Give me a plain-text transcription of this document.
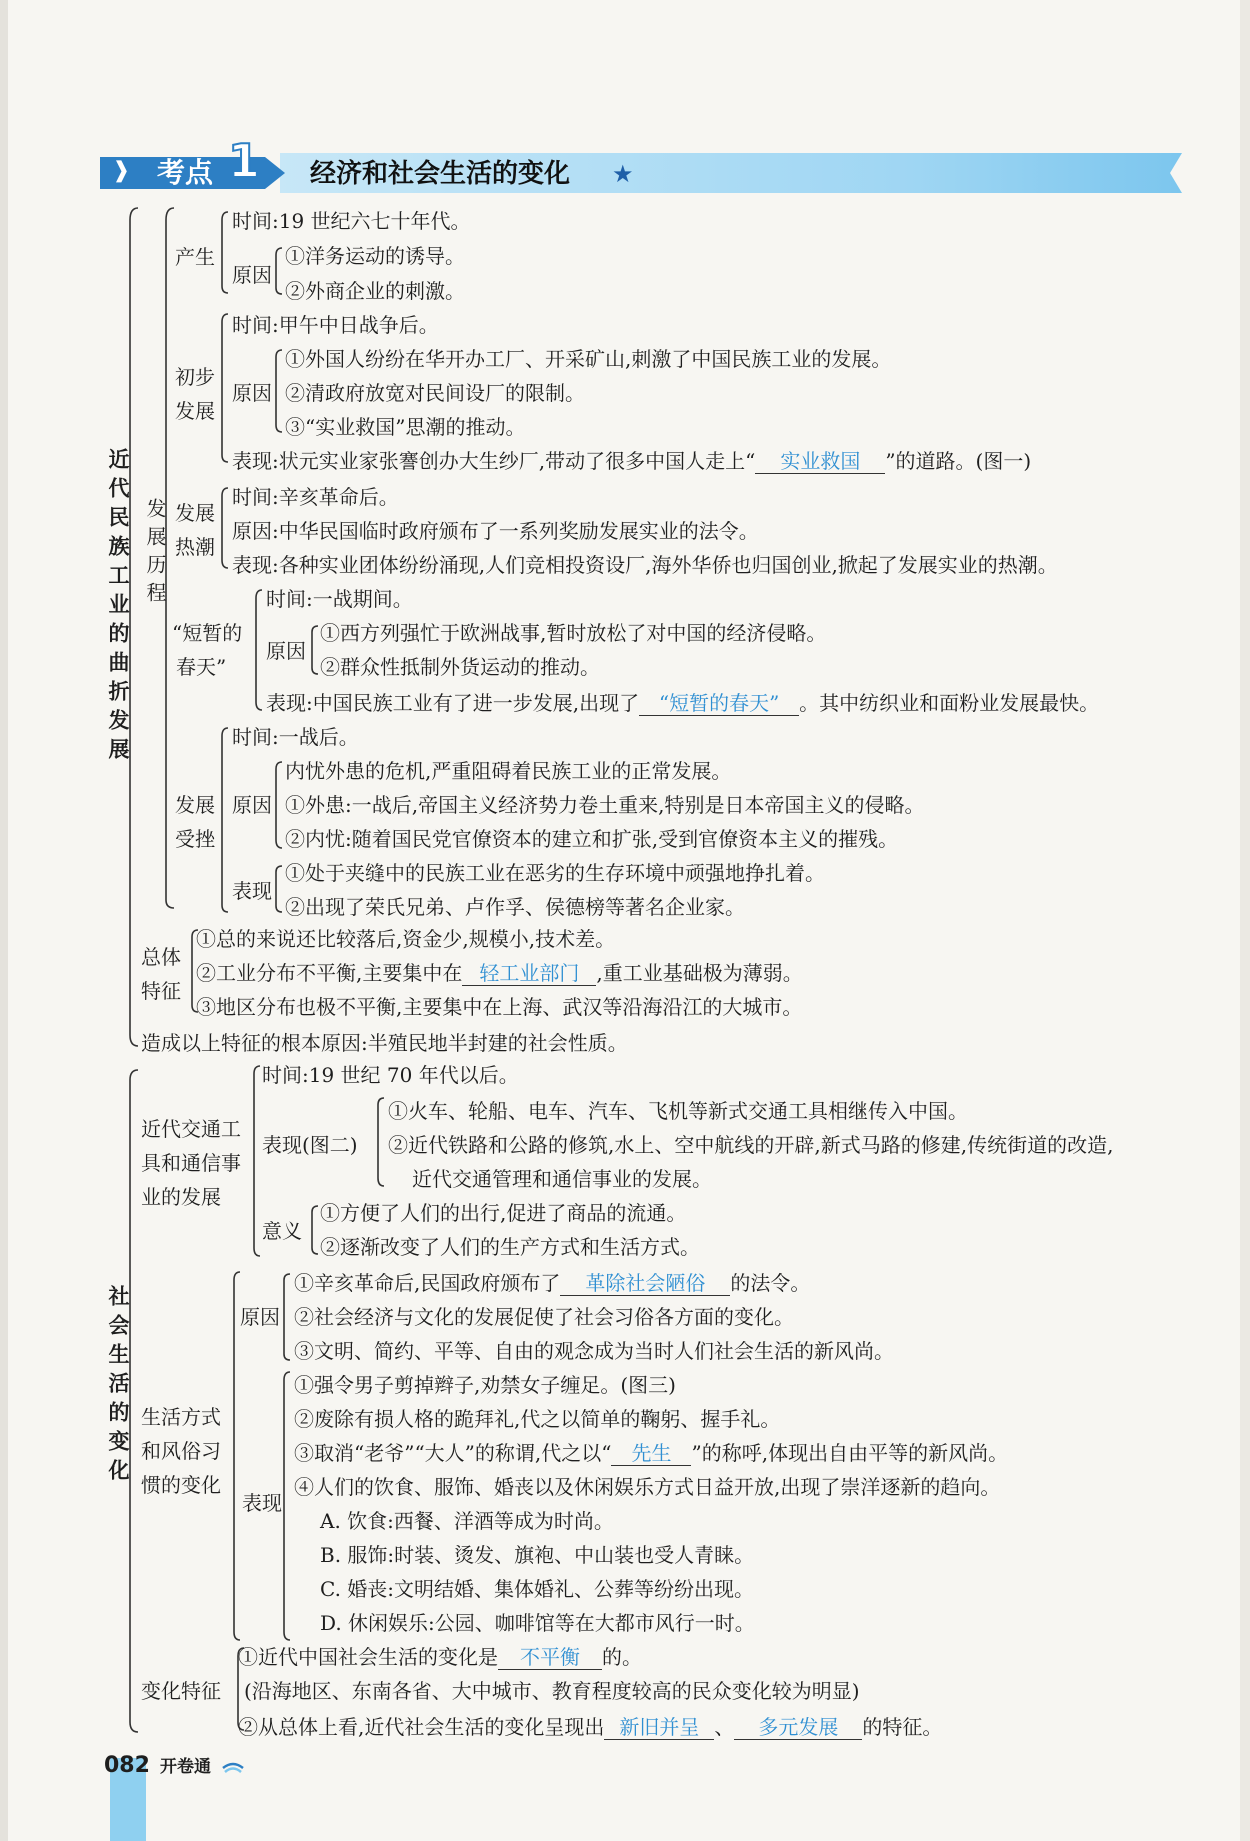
❱ 考点 1 经济和社会生活的变化 ★
近代民族工业的曲折发展 发展历程
产生
时间:19 世纪六七十年代。
原因
①洋务运动的诱导。
②外商企业的刺激。
初步
发展
时间:甲午中日战争后。
原因
①外国人纷纷在华开办工厂、开采矿山,刺激了中国民族工业的发展。
②清政府放宽对民间设厂的限制。
③“实业救国”思潮的推动。
表现:状元实业家张謇创办大生纱厂,带动了很多中国人走上“ 实业救国 ”的道路。(图一)
发展
热潮
时间:辛亥革命后。
原因:中华民国临时政府颁布了一系列奖励发展实业的法令。
表现:各种实业团体纷纷涌现,人们竞相投资设厂,海外华侨也归国创业,掀起了发展实业的热潮。
“短暂的
春天”
时间:一战期间。
原因
①西方列强忙于欧洲战事,暂时放松了对中国的经济侵略。
②群众性抵制外货运动的推动。
表现:中国民族工业有了进一步发展,出现了 “短暂的春天” 。其中纺织业和面粉业发展最快。
发展
受挫
时间:一战后。
原因
内忧外患的危机,严重阻碍着民族工业的正常发展。
①外患:一战后,帝国主义经济势力卷土重来,特别是日本帝国主义的侵略。
②内忧:随着国民党官僚资本的建立和扩张,受到官僚资本主义的摧残。
表现
①处于夹缝中的民族工业在恶劣的生存环境中顽强地挣扎着。
②出现了荣氏兄弟、卢作孚、侯德榜等著名企业家。
总体
特征
①总的来说还比较落后,资金少,规模小,技术差。
②工业分布不平衡,主要集中在 轻工业部门 ,重工业基础极为薄弱。
③地区分布也极不平衡,主要集中在上海、武汉等沿海沿江的大城市。
造成以上特征的根本原因:半殖民地半封建的社会性质。
社会生活的变化
近代交通工
具和通信事
业的发展
时间:19 世纪 70 年代以后。
表现(图二)
①火车、轮船、电车、汽车、飞机等新式交通工具相继传入中国。
②近代铁路和公路的修筑,水上、空中航线的开辟,新式马路的修建,传统街道的改造,
近代交通管理和通信事业的发展。
意义
①方便了人们的出行,促进了商品的流通。
②逐渐改变了人们的生产方式和生活方式。
生活方式
和风俗习
惯的变化
原因
①辛亥革命后,民国政府颁布了 革除社会陋俗 的法令。
②社会经济与文化的发展促使了社会习俗各方面的变化。
③文明、简约、平等、自由的观念成为当时人们社会生活的新风尚。
表现
①强令男子剪掉辫子,劝禁女子缠足。(图三)
②废除有损人格的跪拜礼,代之以简单的鞠躬、握手礼。
③取消“老爷”“大人”的称谓,代之以“ 先生 ”的称呼,体现出自由平等的新风尚。
④人们的饮食、服饰、婚丧以及休闲娱乐方式日益开放,出现了崇洋逐新的趋向。
A. 饮食:西餐、洋酒等成为时尚。
B. 服饰:时装、烫发、旗袍、中山装也受人青睐。
C. 婚丧:文明结婚、集体婚礼、公葬等纷纷出现。
D. 休闲娱乐:公园、咖啡馆等在大都市风行一时。
变化特征
①近代中国社会生活的变化是 不平衡 的。
(沿海地区、东南各省、大中城市、教育程度较高的民众变化较为明显)
②从总体上看,近代社会生活的变化呈现出 新旧并呈 、 多元发展 的特征。
082 开卷通
